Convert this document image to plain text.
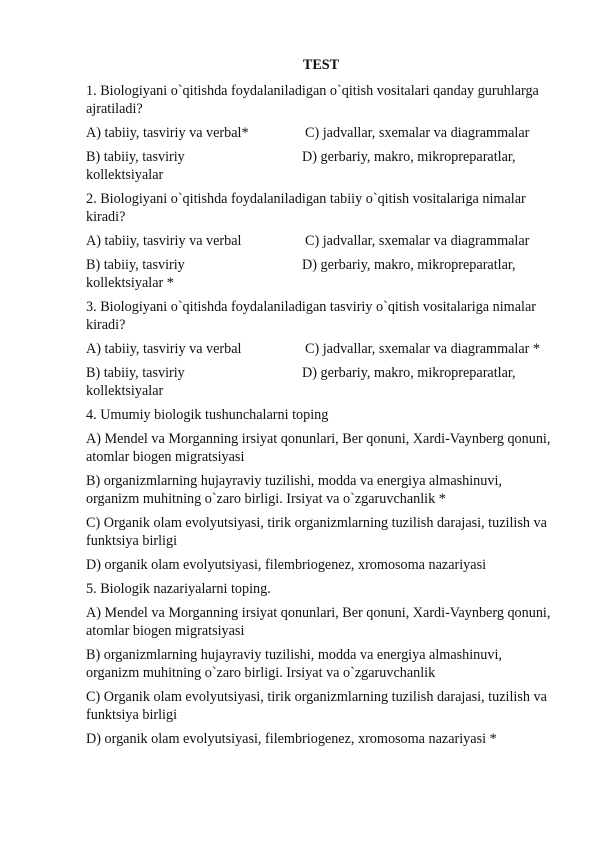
TEST
1. Biologiyani o`qitishda foydalaniladigan o`qitish vositalari qanday guruhlarga ajratiladi?
A) tabiiy, tasviriy va verbal*	C) jadvallar, sxemalar va diagrammalar
B) tabiiy, tasviriy	D) gerbariy, makro, mikropreparatlar,

kollektsiyalar
2. Biologiyani o`qitishda foydalaniladigan tabiiy o`qitish vositalariga nimalar kiradi?
A) tabiiy, tasviriy va verbal	C) jadvallar, sxemalar va diagrammalar
B) tabiiy, tasviriy	D) gerbariy, makro, mikropreparatlar,

kollektsiyalar *
3. Biologiyani o`qitishda foydalaniladigan tasviriy o`qitish vositalariga nimalar kiradi?
A) tabiiy, tasviriy va verbal	C) jadvallar, sxemalar va diagrammalar *
B) tabiiy, tasviriy	D) gerbariy, makro, mikropreparatlar,

kollektsiyalar
4. Umumiy biologik tushunchalarni toping
A) Mendel va Morganning irsiyat qonunlari, Ber qonuni, Xardi-Vaynberg qonuni, atomlar biogen migratsiyasi
B) organizmlarning hujayraviy tuzilishi, modda va energiya almashinuvi, organizm muhitning o`zaro birligi. Irsiyat va o`zgaruvchanlik *
C) Organik olam evolyutsiyasi, tirik organizmlarning tuzilish darajasi, tuzilish va funktsiya birligi
D) organik olam evolyutsiyasi, filembriogenez, xromosoma nazariyasi
5. Biologik nazariyalarni toping.
A) Mendel va Morganning irsiyat qonunlari, Ber qonuni, Xardi-Vaynberg qonuni, atomlar biogen migratsiyasi
B) organizmlarning hujayraviy tuzilishi, modda va energiya almashinuvi, organizm muhitning o`zaro birligi. Irsiyat va o`zgaruvchanlik
C) Organik olam evolyutsiyasi, tirik organizmlarning tuzilish darajasi, tuzilish va funktsiya birligi
D) organik olam evolyutsiyasi, filembriogenez, xromosoma nazariyasi *
